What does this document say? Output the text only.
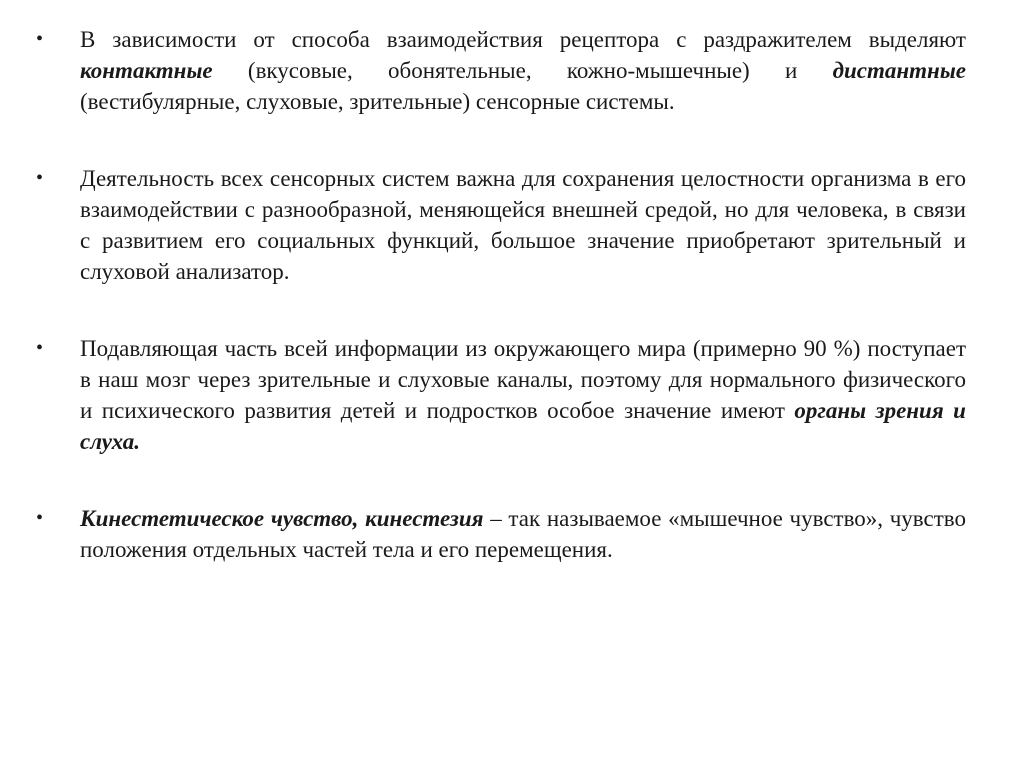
•	В зависимости от способа взаимодействия рецептора с раздражителем выделяют контактные (вкусовые, обонятельные, кожно-мышечные) и дистантные (вестибулярные, слуховые, зрительные) сенсорные системы.
•	Деятельность всех сенсорных систем важна для сохранения целостности организма в его взаимодействии с разнообразной, меняющейся внешней средой, но для человека, в связи с развитием его социальных функций, большое значение приобретают зрительный и слуховой анализатор.
•	Подавляющая часть всей информации из окружающего мира (примерно 90 %) поступает в наш мозг через зрительные и слуховые каналы, поэтому для нормального физического и психического развития детей и подростков особое значение имеют органы зрения и слуха.
•	Кинестетическое чувство, кинестезия – так называемое «мышечное чувство», чувство положения отдельных частей тела и его перемещения.
